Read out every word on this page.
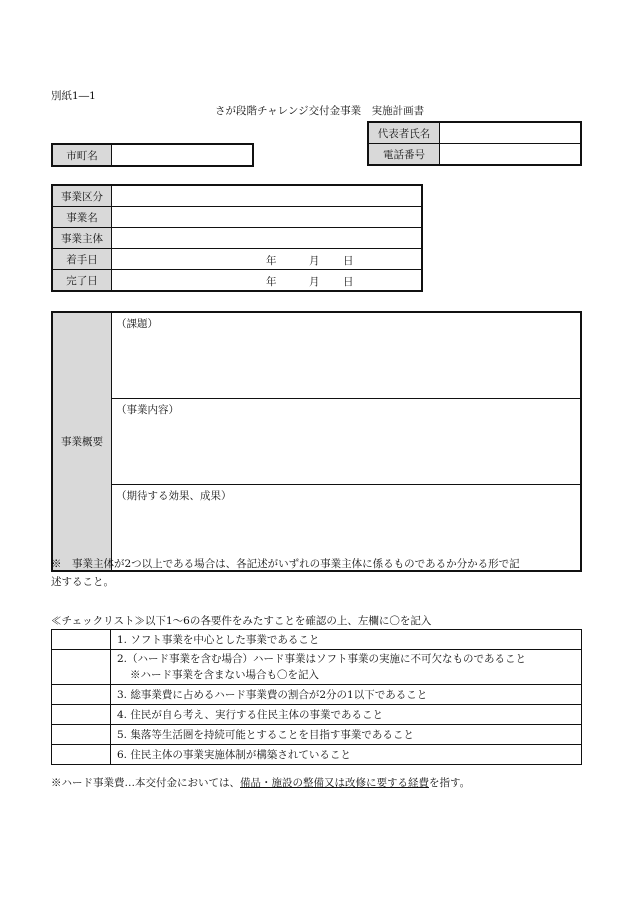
別紙1―1
さが段階チャレンジ交付金事業　実施計画書
代表者氏名	
電話番号	
市町名	
事業区分	
事業名	
事業主体	
着手日	年 月 日

完了日	年 月 日
事業概要	（課題）
（事業内容）
（期待する効果、成果）
※　事業主体が2つ以上である場合は、各記述がいずれの事業主体に係るものであるか分かる形で記
述すること。
≪チェックリスト≫以下1～6の各要件をみたすことを確認の上、左欄に〇を記入
	1. ソフト事業を中心とした事業であること

	2.（ハード事業を含む場合）ハード事業はソフト事業の実施に不可欠なものであること
※ハード事業を含まない場合も〇を記入

	3. 総事業費に占めるハード事業費の割合が2分の1以下であること
	4. 住民が自ら考え、実行する住民主体の事業であること
	5. 集落等生活圏を持続可能とすることを目指す事業であること
	6. 住民主体の事業実施体制が構築されていること
※ハード事業費…本交付金においては、備品・施設の整備又は改修に要する経費を指す。
